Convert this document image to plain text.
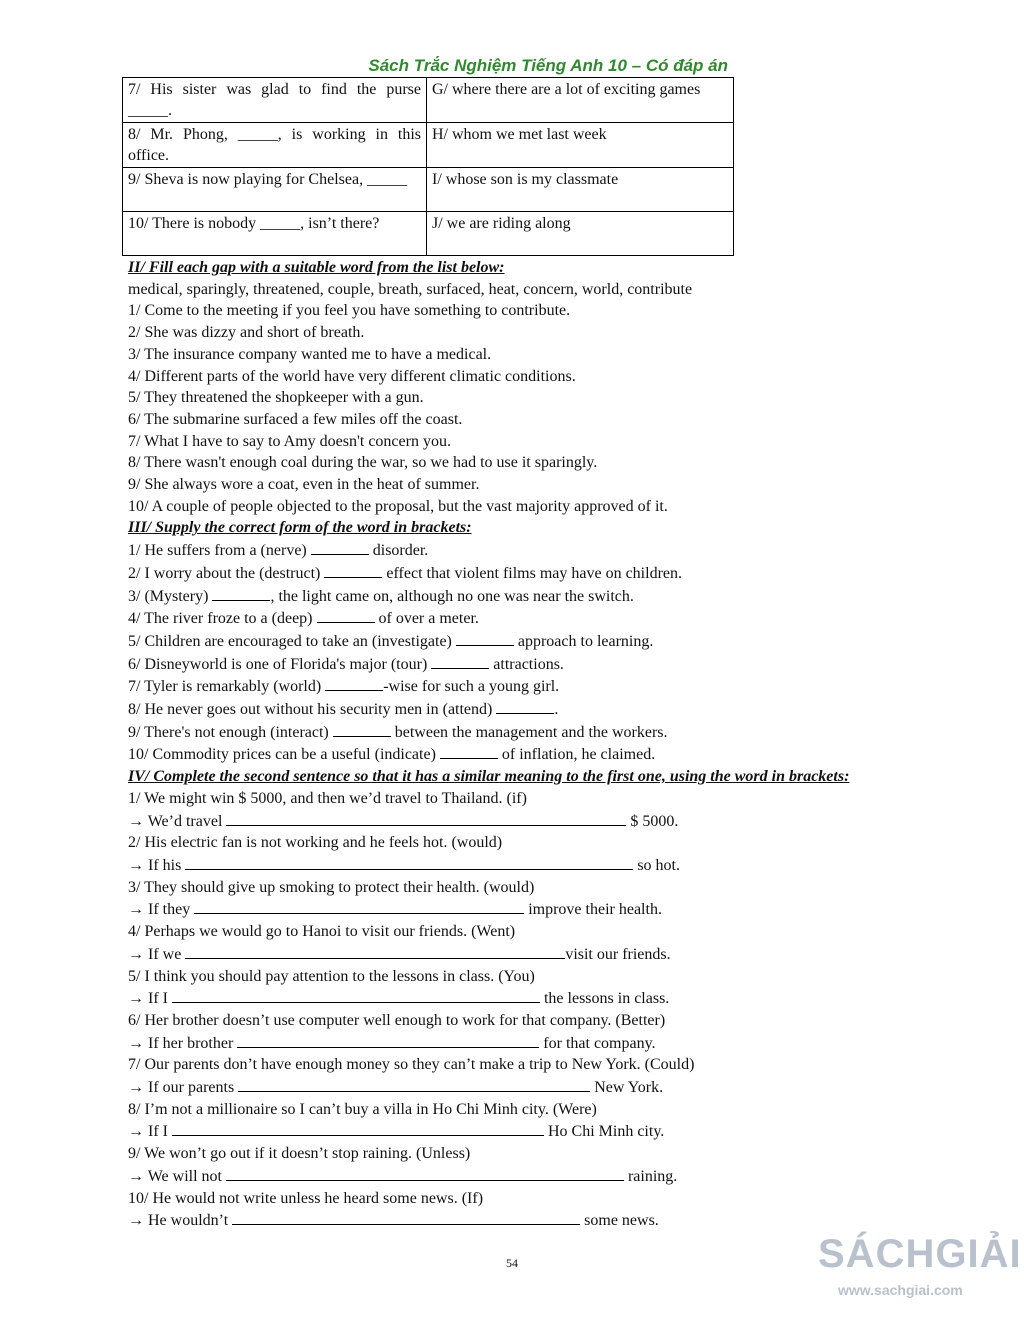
Sách Trắc Nghiệm Tiếng Anh 10 – Có đáp án
7/ His sister was glad to find the purse _____.	G/ where there are a lot of exciting games
8/ Mr. Phong, _____, is working in this office.	H/ whom we met last week
9/ Sheva is now playing for Chelsea, _____	I/ whose son is my classmate
10/ There is nobody _____, isn’t there?	J/ we are riding along
II/ Fill each gap with a suitable word from the list below:
medical, sparingly, threatened, couple, breath, surfaced, heat, concern, world, contribute
1/ Come to the meeting if you feel you have something to contribute.
2/ She was dizzy and short of breath.
3/ The insurance company wanted me to have a medical.
4/ Different parts of the world have very different climatic conditions.
5/ They threatened the shopkeeper with a gun.
6/ The submarine surfaced a few miles off the coast.
7/ What I have to say to Amy doesn't concern you.
8/ There wasn't enough coal during the war, so we had to use it sparingly.
9/ She always wore a coat, even in the heat of summer.
10/ A couple of people objected to the proposal, but the vast majority approved of it.
III/ Supply the correct form of the word in brackets:
1/ He suffers from a (nerve)	disorder.
2/ I worry about the (destruct)	effect that violent films may have on children.
3/ (Mystery)	, the light came on, although no one was near the switch.
4/ The river froze to a (deep)	of over a meter.
5/ Children are encouraged to take an (investigate)	approach to learning.
6/ Disneyworld is one of Florida's major (tour)	attractions.
7/ Tyler is remarkably (world)	-wise for such a young girl.
8/ He never goes out without his security men in (attend)	.
9/ There's not enough (interact)	between the management and the workers.
10/ Commodity prices can be a useful (indicate)	of inflation, he claimed.
IV/ Complete the second sentence so that it has a similar meaning to the first one, using the word in brackets:
1/ We might win $ 5000, and then we’d travel to Thailand. (if)
→ We’d travel	$ 5000.
2/ His electric fan is not working and he feels hot. (would)
→ If his	so hot.
3/ They should give up smoking to protect their health. (would)
→ If they	improve their health.
4/ Perhaps we would go to Hanoi to visit our friends. (Went)
→ If we	visit our friends.
5/ I think you should pay attention to the lessons in class. (You)
→ If I	the lessons in class.
6/ Her brother doesn’t use computer well enough to work for that company. (Better)
→ If her brother	for that company.
7/ Our parents don’t have enough money so they can’t make a trip to New York. (Could)
→ If our parents	New York.
8/ I’m not a millionaire so I can’t buy a villa in Ho Chi Minh city. (Were)
→ If I	Ho Chi Minh city.
9/ We won’t go out if it doesn’t stop raining. (Unless)
→ We will not	raining.
10/ He would not write unless he heard some news. (If)
→ He wouldn’t	some news.
54	SÁCHGIẢI
www.sachgiai.com
